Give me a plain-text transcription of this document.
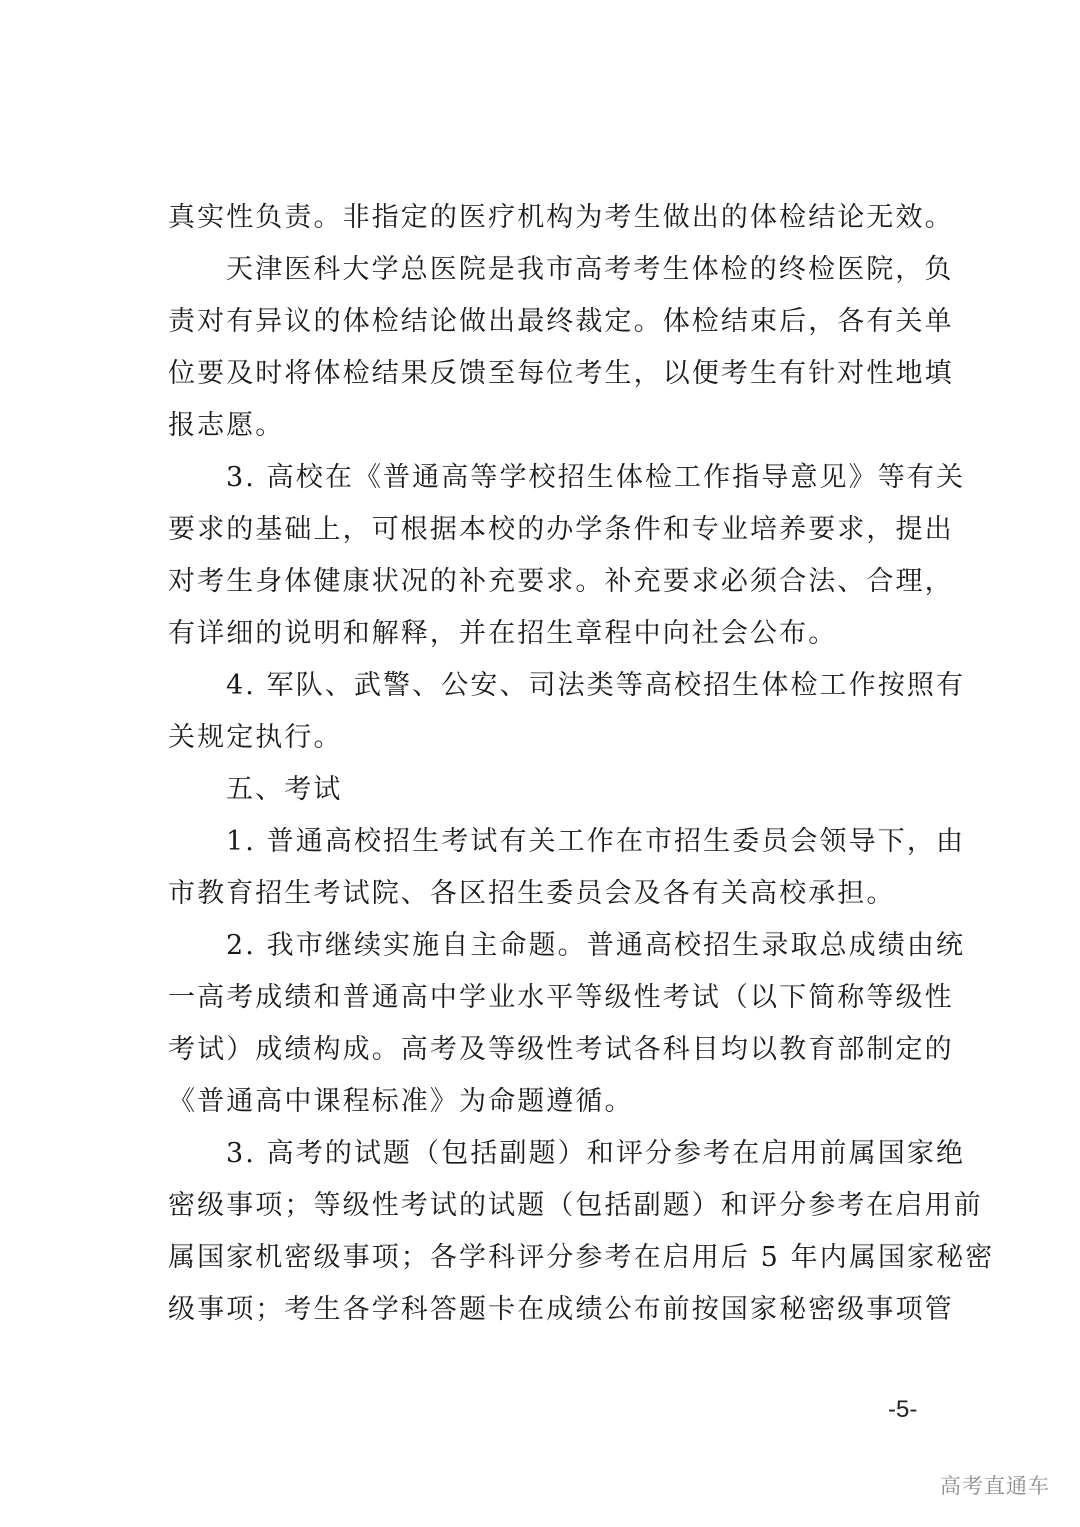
真实性负责。非指定的医疗机构为考生做出的体检结论无效。
天津医科大学总医院是我市高考考生体检的终检医院，负
责对有异议的体检结论做出最终裁定。体检结束后，各有关单
位要及时将体检结果反馈至每位考生，以便考生有针对性地填
报志愿。
3. 高校在《普通高等学校招生体检工作指导意见》等有关
要求的基础上，可根据本校的办学条件和专业培养要求，提出
对考生身体健康状况的补充要求。补充要求必须合法、合理，
有详细的说明和解释，并在招生章程中向社会公布。
4. 军队、武警、公安、司法类等高校招生体检工作按照有
关规定执行。
五、考试
1. 普通高校招生考试有关工作在市招生委员会领导下，由
市教育招生考试院、各区招生委员会及各有关高校承担。
2. 我市继续实施自主命题。普通高校招生录取总成绩由统
一高考成绩和普通高中学业水平等级性考试（以下简称等级性
考试）成绩构成。高考及等级性考试各科目均以教育部制定的
《普通高中课程标准》为命题遵循。
3. 高考的试题（包括副题）和评分参考在启用前属国家绝
密级事项；等级性考试的试题（包括副题）和评分参考在启用前
属国家机密级事项；各学科评分参考在启用后 5 年内属国家秘密
级事项；考生各学科答题卡在成绩公布前按国家秘密级事项管
-5-
高考直通车
